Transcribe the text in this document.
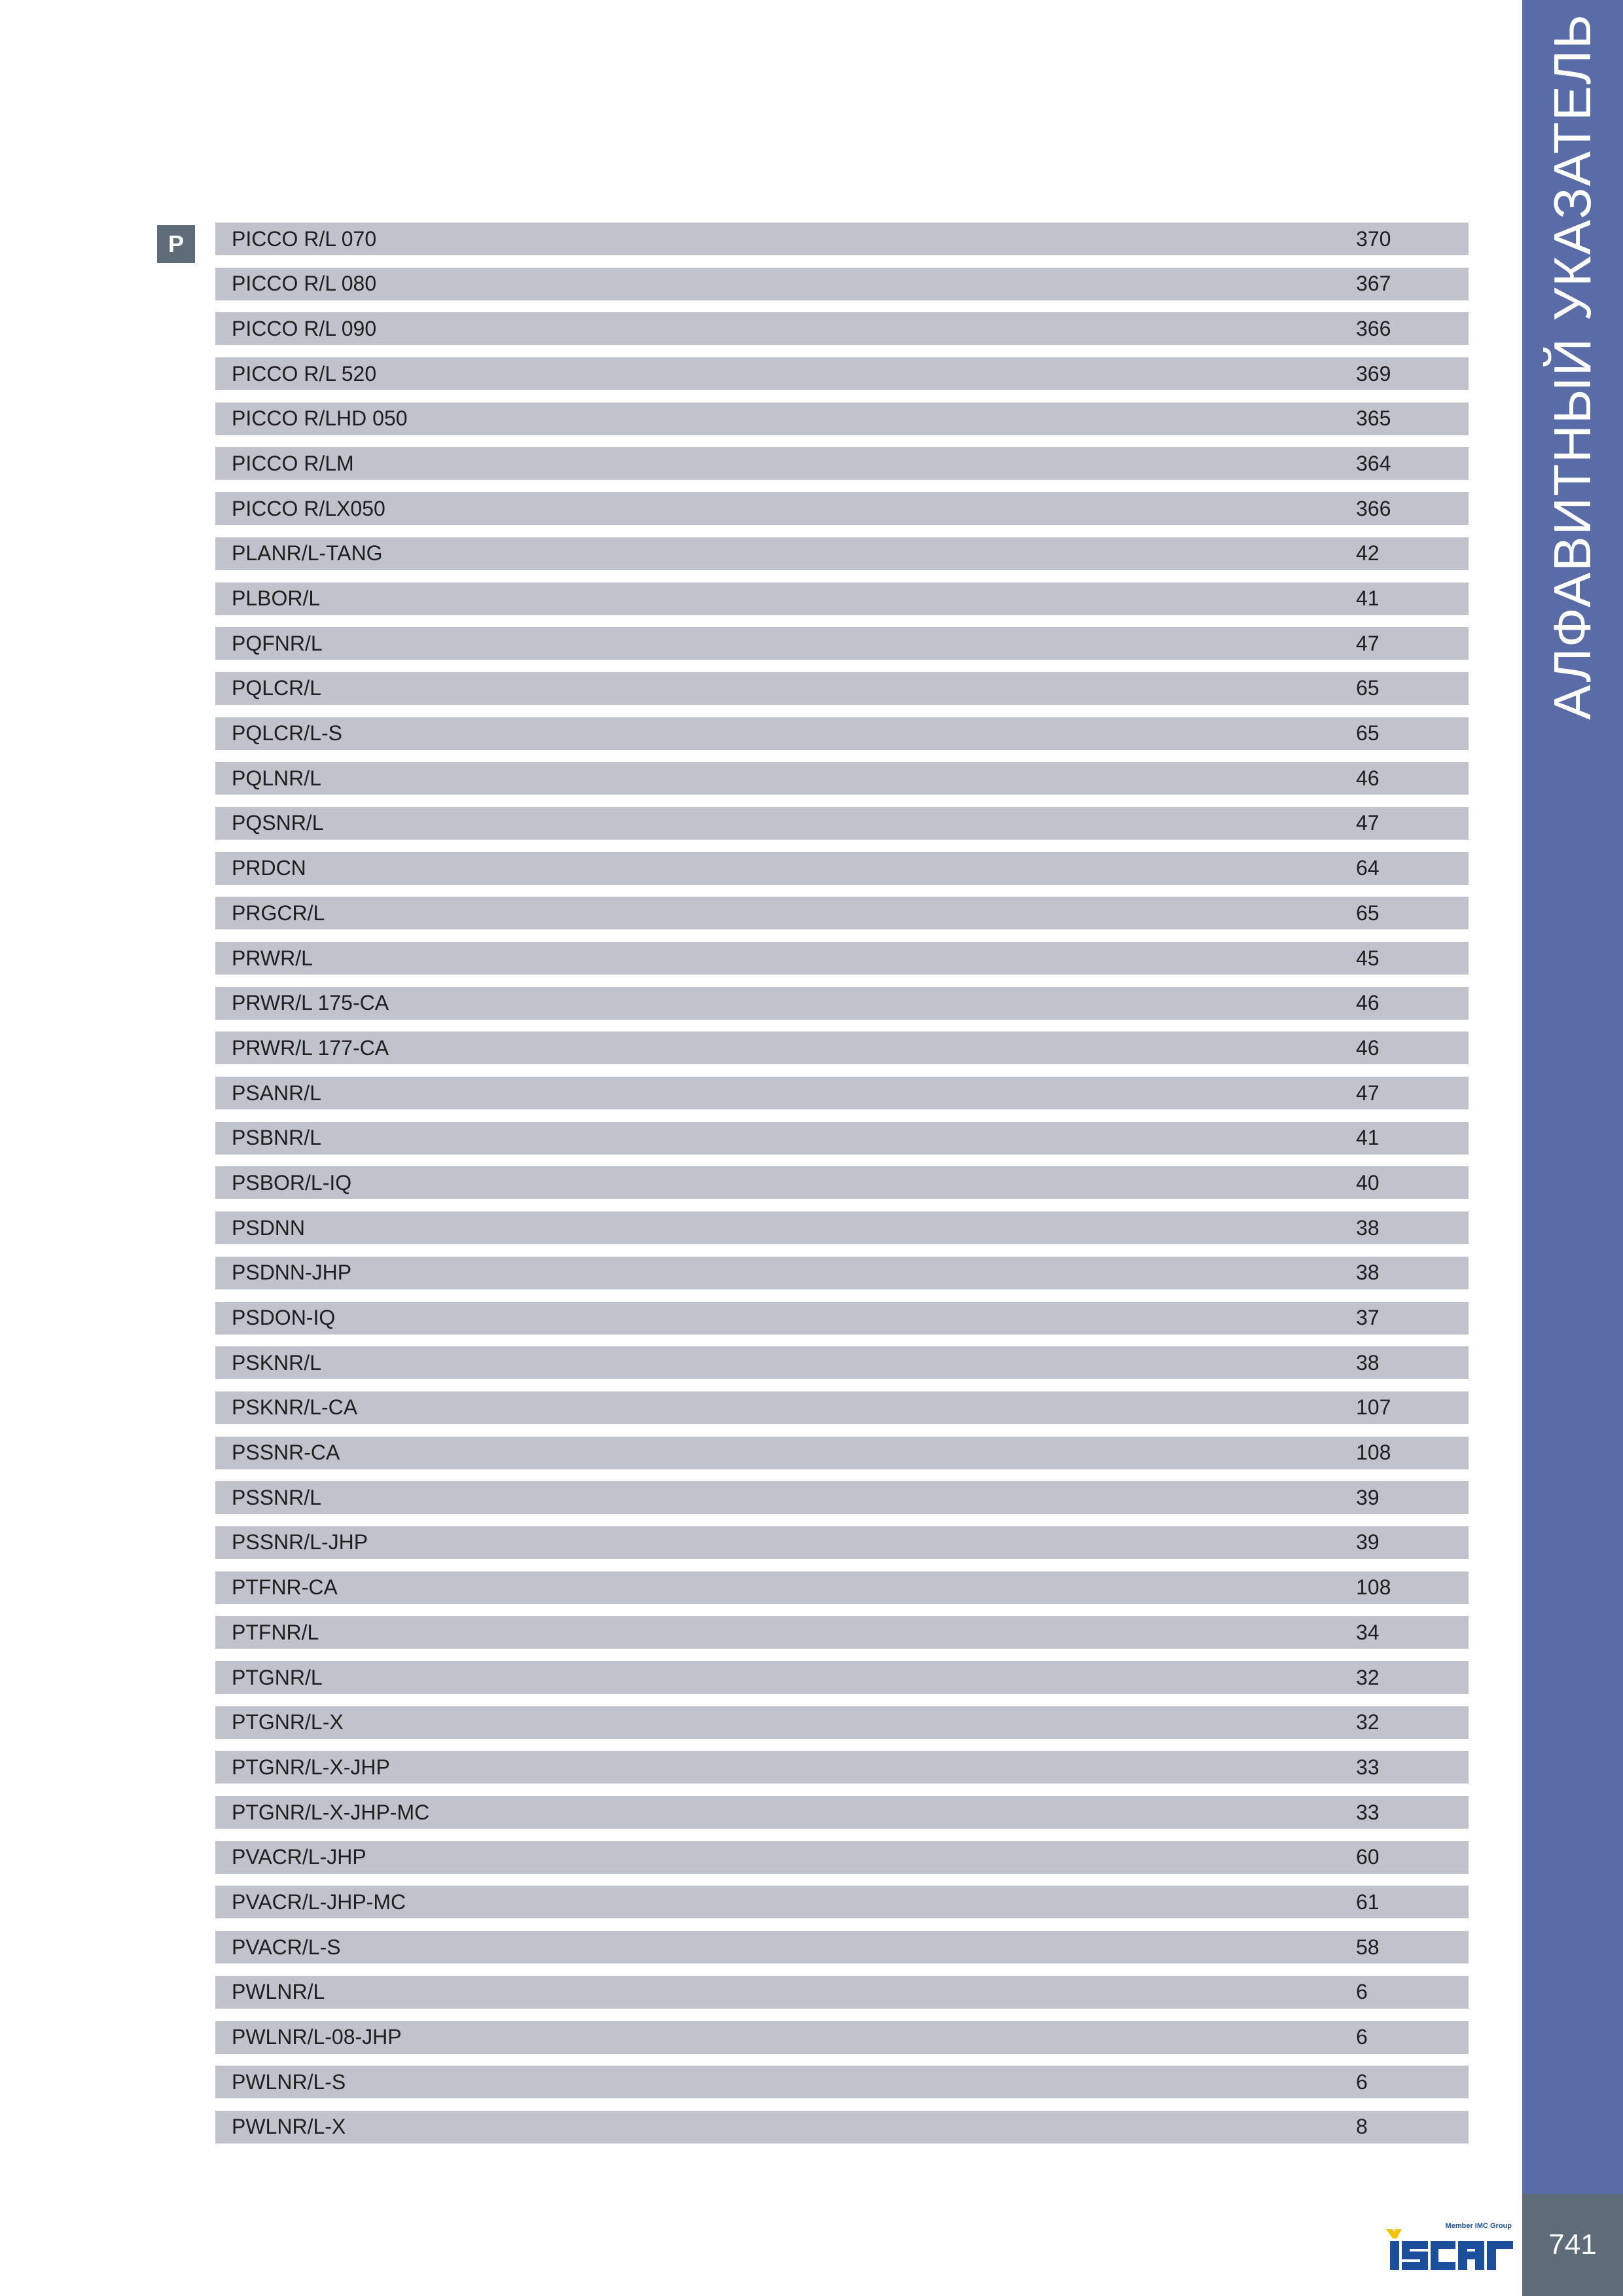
АЛФАВИТНЫЙ УКАЗАТЕЛЬ
P	PICCO R/L 070	370
PICCO R/L 080	367
PICCO R/L 090	366
PICCO R/L 520	369
PICCO R/LHD 050	365
PICCO R/LM	364
PICCO R/LX050	366
PLANR/L-TANG	42
PLBOR/L	41
PQFNR/L	47
PQLCR/L	65
PQLCR/L-S	65
PQLNR/L	46
PQSNR/L	47
PRDCN	64
PRGCR/L	65
PRWR/L	45
PRWR/L 175-CA	46
PRWR/L 177-CA	46
PSANR/L	47
PSBNR/L	41
PSBOR/L-IQ	40
PSDNN	38
PSDNN-JHP	38
PSDON-IQ	37
PSKNR/L	38
PSKNR/L-CA	107
PSSNR-CA	108
PSSNR/L	39
PSSNR/L-JHP	39
PTFNR-CA	108
PTFNR/L	34
PTGNR/L	32
PTGNR/L-X	32
PTGNR/L-X-JHP	33
PTGNR/L-X-JHP-MC	33
PVACR/L-JHP	60
PVACR/L-JHP-MC	61
PVACR/L-S	58
PWLNR/L	6
PWLNR/L-08-JHP	6
PWLNR/L-S	6
PWLNR/L-X	8
Member IMC Group
741
